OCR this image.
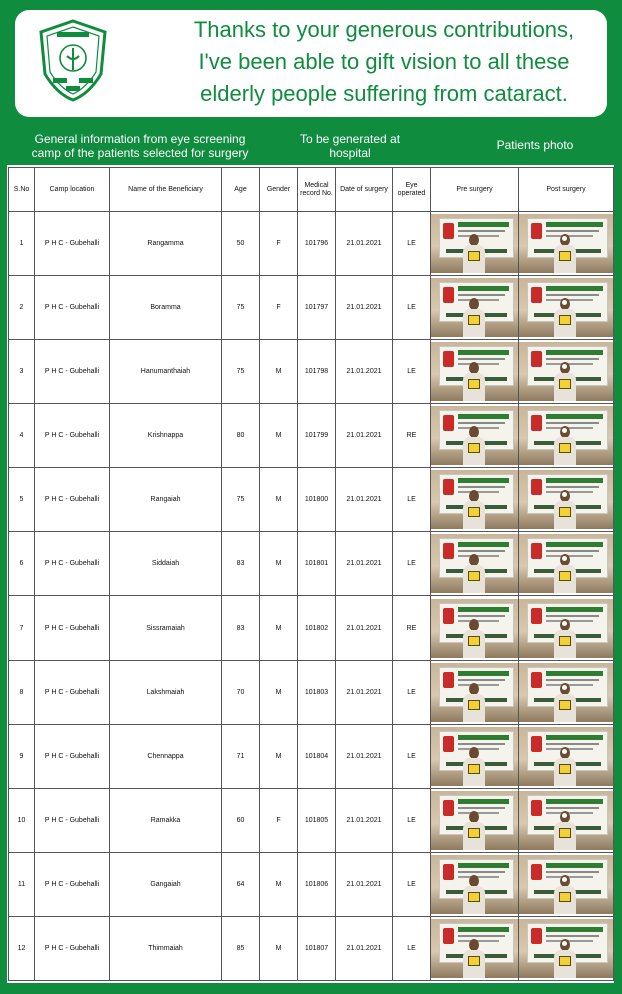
Thanks to your generous contributions,
I've been able to gift vision to all these
elderly people suffering from cataract.
General information from eye screening camp of the patients selected for surgery
To be generated at hospital
Patients photo
S.No	Camp location	Name of the Beneficiary	Age	Gender	Medical record No.	Date of surgery	Eye operated	Pre surgery	Post surgery
1	P H C - Gubehalli	Rangamma	50	F	101796	21.01.2021	LE	

2	P H C - Gubehalli	Boramma	75	F	101797	21.01.2021	LE	

3	P H C - Gubehalli	Hanumanthaiah	75	M	101798	21.01.2021	LE	

4	P H C - Gubehalli	Krishnappa	80	M	101799	21.01.2021	RE	

5	P H C - Gubehalli	Rangaiah	75	M	101800	21.01.2021	LE	

6	P H C - Gubehalli	Siddaiah	83	M	101801	21.01.2021	LE	

7	P H C - Gubehalli	Sissramaiah	83	M	101802	21.01.2021	RE	

8	P H C - Gubehalli	Lakshmaiah	70	M	101803	21.01.2021	LE	

9	P H C - Gubehalli	Chennappa	71	M	101804	21.01.2021	LE	

10	P H C - Gubehalli	Ramakka	60	F	101805	21.01.2021	LE	

11	P H C - Gubehalli	Gangaiah	64	M	101806	21.01.2021	LE	

12	P H C - Gubehalli	Thimmaiah	85	M	101807	21.01.2021	LE	
